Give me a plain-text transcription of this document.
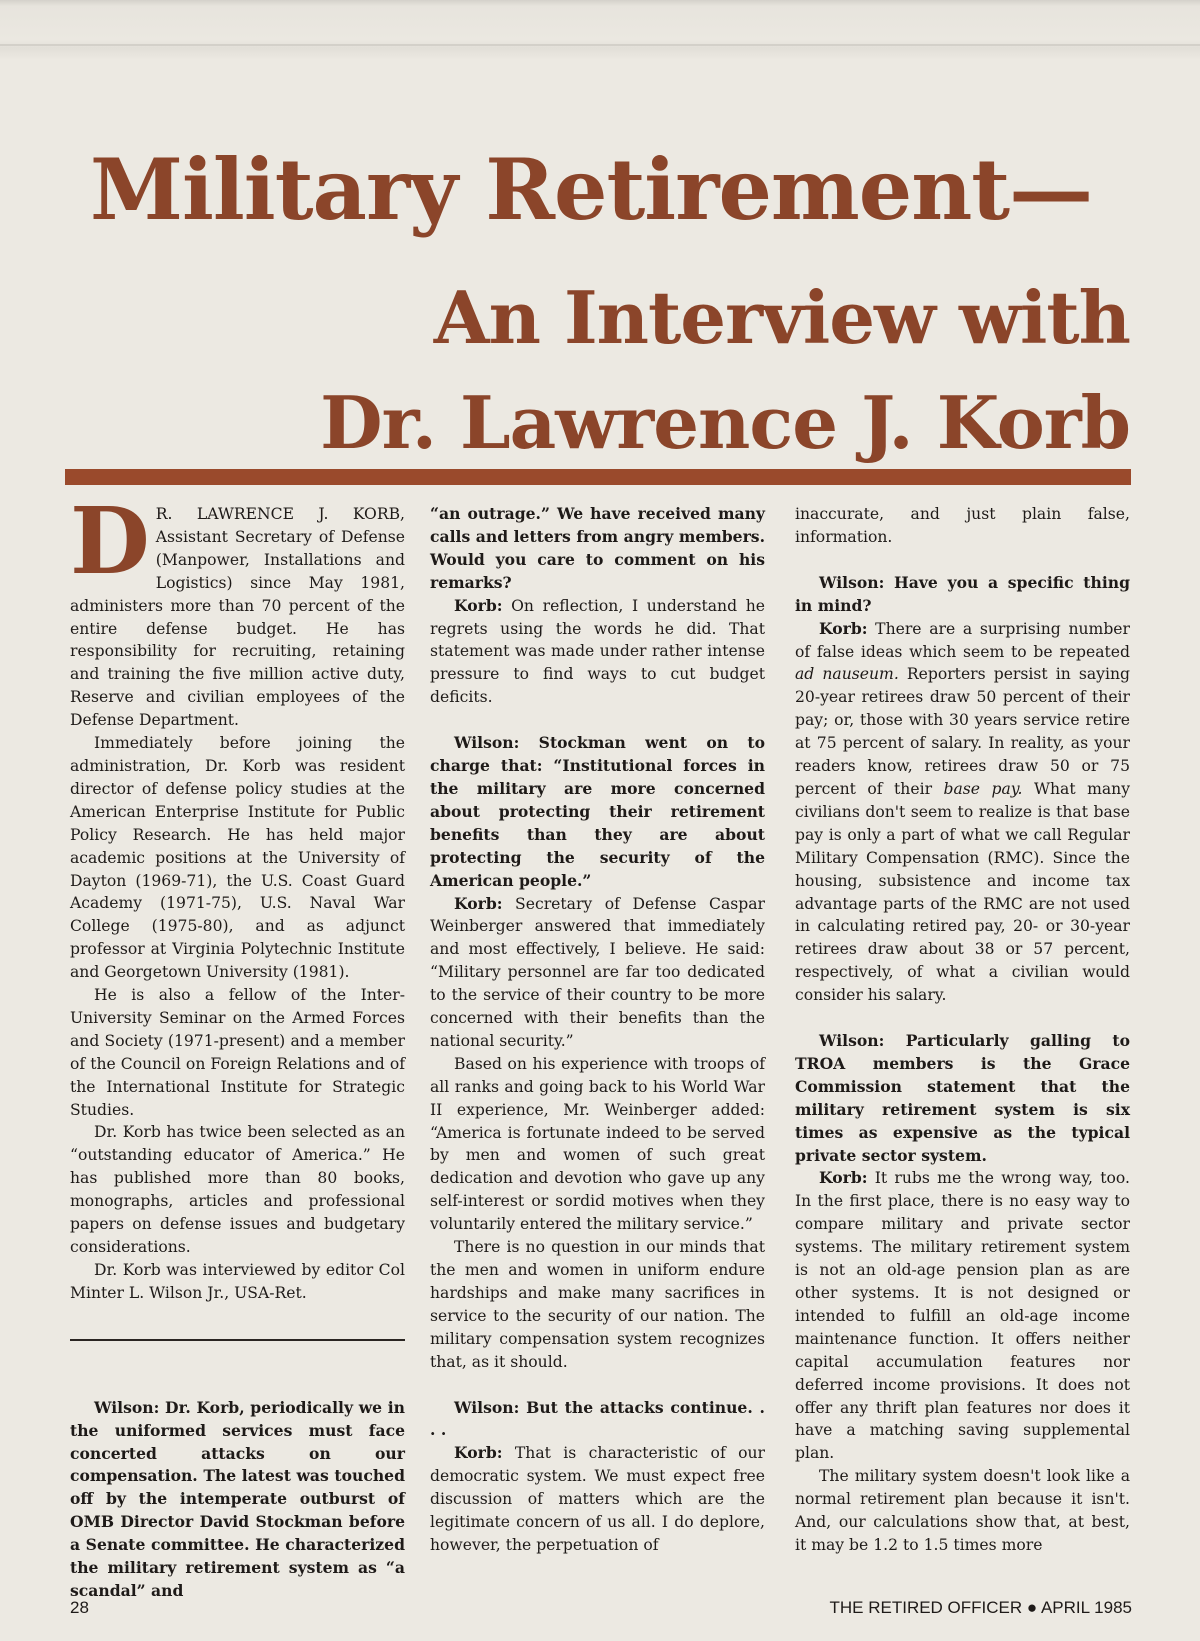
Military Retirement—
An Interview with
Dr. Lawrence J. Korb

D R. LAWRENCE J. KORB, Assistant Secretary of Defense (Manpower, Installations and Logistics) since May 1981, administers more than 70 percent of the entire defense budget. He has responsibility for recruiting, retaining and training the five million active duty, Reserve and civilian employees of the Defense Department.

Immediately before joining the administration, Dr. Korb was resident director of defense policy studies at the American Enterprise Institute for Public Policy Research. He has held major academic positions at the University of Dayton (1969-71), the U.S. Coast Guard Academy (1971-75), U.S. Naval War College (1975-80), and as adjunct professor at Virginia Polytechnic Institute and Georgetown University (1981).

He is also a fellow of the Inter-University Seminar on the Armed Forces and Society (1971-present) and a member of the Council on Foreign Relations and of the International Institute for Strategic Studies.

Dr. Korb has twice been selected as an “outstanding educator of America.” He has published more than 80 books, monographs, articles and professional papers on defense issues and budgetary considerations.

Dr. Korb was interviewed by editor Col Minter L. Wilson Jr., USA-Ret.

Wilson: Dr. Korb, periodically we in the uniformed services must face concerted attacks on our compensation. The latest was touched off by the intemperate outburst of OMB Director David Stockman before a Senate committee. He characterized the military retirement system as “a scandal” and

“an outrage.” We have received many calls and letters from angry members. Would you care to comment on his remarks?

Korb: On reflection, I understand he regrets using the words he did. That statement was made under rather intense pressure to find ways to cut budget deficits.

Wilson: Stockman went on to charge that: “Institutional forces in the military are more concerned about protecting their retirement benefits than they are about protecting the security of the American people.”

Korb: Secretary of Defense Caspar Weinberger answered that immediately and most effectively, I believe. He said: “Military personnel are far too dedicated to the service of their country to be more concerned with their benefits than the national security.”

Based on his experience with troops of all ranks and going back to his World War II experience, Mr. Weinberger added: “America is fortunate indeed to be served by men and women of such great dedication and devotion who gave up any self-interest or sordid motives when they voluntarily entered the military service.”

There is no question in our minds that the men and women in uniform endure hardships and make many sacrifices in service to the security of our nation. The military compensation system recognizes that, as it should.

Wilson: But the attacks continue. . . .

Korb: That is characteristic of our democratic system. We must expect free discussion of matters which are the legitimate concern of us all. I do deplore, however, the perpetuation of

inaccurate, and just plain false, information.

Wilson: Have you a specific thing in mind?

Korb: There are a surprising number of false ideas which seem to be repeated ad nauseum. Reporters persist in saying 20-year retirees draw 50 percent of their pay; or, those with 30 years service retire at 75 percent of salary. In reality, as your readers know, retirees draw 50 or 75 percent of their base pay. What many civilians don't seem to realize is that base pay is only a part of what we call Regular Military Compensation (RMC). Since the housing, subsistence and income tax advantage parts of the RMC are not used in calculating retired pay, 20- or 30-year retirees draw about 38 or 57 percent, respectively, of what a civilian would consider his salary.

Wilson: Particularly galling to TROA members is the Grace Commission statement that the military retirement system is six times as expensive as the typical private sector system.

Korb: It rubs me the wrong way, too. In the first place, there is no easy way to compare military and private sector systems. The military retirement system is not an old-age pension plan as are other systems. It is not designed or intended to fulfill an old-age income maintenance function. It offers neither capital accumulation features nor deferred income provisions. It does not offer any thrift plan features nor does it have a matching saving supplemental plan.

The military system doesn't look like a normal retirement plan because it isn't. And, our calculations show that, at best, it may be 1.2 to 1.5 times more

28	THE RETIRED OFFICER ● APRIL 1985
